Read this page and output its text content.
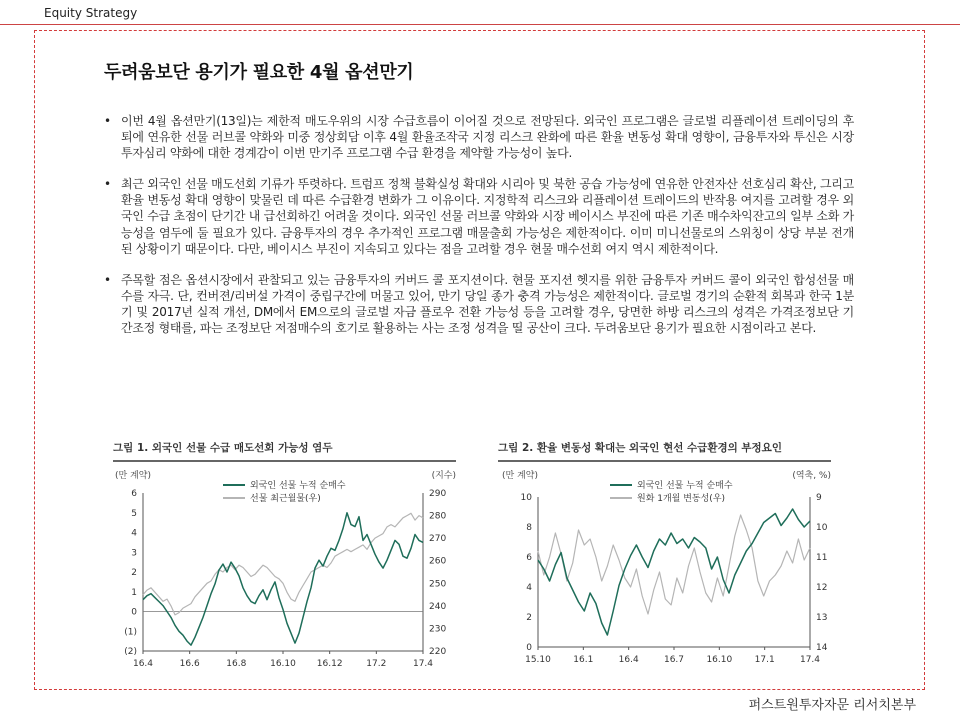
Equity Strategy
두려움보단 용기가 필요한 4월 옵션만기
• 이번 4월 옵션만기(13일)는 제한적 매도우위의 시장 수급흐름이 이어질 것으로 전망된다. 외국인 프로그램은 글로벌 리플레이션 트레이딩의 후퇴에 연유한 선물 러브콜 약화와 미중 정상회담 이후 4월 환율조작국 지정 리스크 완화에 따른 환율 변동성 확대 영향이, 금융투자와 투신은 시장 투자심리 약화에 대한 경계감이 이번 만기주 프로그램 수급 환경을 제약할 가능성이 높다.
• 최근 외국인 선물 매도선회 기류가 뚜렷하다. 트럼프 정책 불확실성 확대와 시리아 및 북한 공습 가능성에 연유한 안전자산 선호심리 확산, 그리고 환율 변동성 확대 영향이 맞물린 데 따른 수급환경 변화가 그 이유이다. 지정학적 리스크와 리플레이션 트레이드의 반작용 여지를 고려할 경우 외국인 수급 초점이 단기간 내 급선회하긴 어려울 것이다. 외국인 선물 러브콜 약화와 시장 베이시스 부진에 따른 기존 매수차익잔고의 일부 소화 가능성을 염두에 둘 필요가 있다. 금융투자의 경우 추가적인 프로그램 매물출회 가능성은 제한적이다. 이미 미니선물로의 스위칭이 상당 부분 전개된 상황이기 때문이다. 다만, 베이시스 부진이 지속되고 있다는 점을 고려할 경우 현물 매수선회 여지 역시 제한적이다.
• 주목할 점은 옵션시장에서 관찰되고 있는 금융투자의 커버드 콜 포지션이다. 현물 포지션 헷지를 위한 금융투자 커버드 콜이 외국인 합성선물 매수를 자극. 단, 컨버젼/리버설 가격이 중립구간에 머물고 있어, 만기 당일 종가 충격 가능성은 제한적이다. 글로벌 경기의 순환적 회복과 한국 1분기 및 2017년 실적 개선, DM에서 EM으로의 글로벌 자금 플로우 전환 가능성 등을 고려할 경우, 당면한 하방 리스크의 성격은 가격조정보단 기간조정 형태를, 파는 조정보단 저점매수의 호기로 활용하는 사는 조정 성격을 띨 공산이 크다. 두려움보단 용기가 필요한 시점이라고 본다.
그림 1. 외국인 선물 수급 매도선회 가능성 염두
(만 계약)	(지수)
외국인 선물 누적 순매수
선물 최근월물(우)
6
5
4
3
2
1
0
(1)
(2)
290
280
270
260
250
240
230
220
16.4	16.6	16.8	16.10 16.12	17.2	17.4
그림 2. 환율 변동성 확대는 외국인 현선 수급환경의 부정요인
(만 계약)	(역축, %)
외국인 선물 누적 순매수
원화 1개월 변동성(우)
10
8
6
4
2
0
9
10
11
12
13
14
15.10 16.1	16.4	16.7 16.10 17.1	17.4
퍼스트원투자자문 리서치본부
